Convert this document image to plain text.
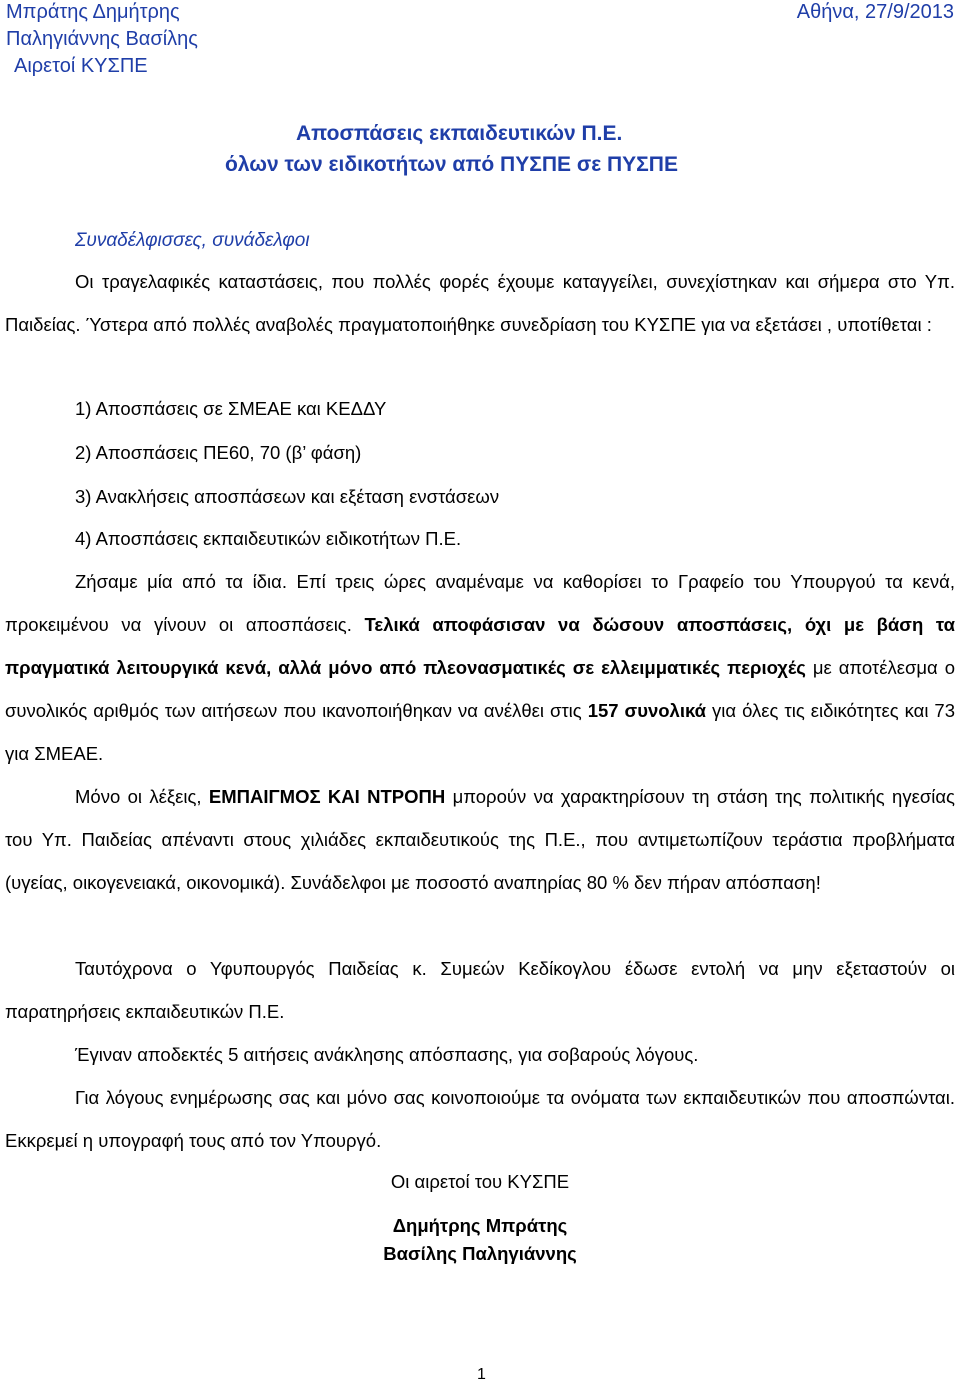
Μπράτης Δημήτρης
Παληγιάννης Βασίλης
Αιρετοί ΚΥΣΠΕ
Αθήνα, 27/9/2013
Αποσπάσεις εκπαιδευτικών Π.Ε.
όλων των ειδικοτήτων από ΠΥΣΠΕ σε ΠΥΣΠΕ
Συναδέλφισσες, συνάδελφοι
Οι τραγελαφικές καταστάσεις, που πολλές φορές έχουμε καταγγείλει, συνεχίστηκαν και σήμερα στο Υπ. Παιδείας. Ύστερα από πολλές αναβολές πραγματοποιήθηκε συνεδρίαση του ΚΥΣΠΕ για να εξετάσει , υποτίθεται :
1) Αποσπάσεις σε ΣΜΕΑΕ και ΚΕΔΔΥ
2) Αποσπάσεις ΠΕ60, 70 (β’ φάση)
3) Ανακλήσεις αποσπάσεων και εξέταση ενστάσεων
4) Αποσπάσεις εκπαιδευτικών ειδικοτήτων Π.Ε.
Ζήσαμε μία από τα ίδια. Επί τρεις ώρες αναμέναμε να καθορίσει το Γραφείο του Υπουργού τα κενά, προκειμένου να γίνουν οι αποσπάσεις. Τελικά αποφάσισαν να δώσουν αποσπάσεις, όχι με βάση τα πραγματικά λειτουργικά κενά, αλλά μόνο από πλεονασματικές σε ελλειμματικές περιοχές με αποτέλεσμα ο συνολικός αριθμός των αιτήσεων που ικανοποιήθηκαν να ανέλθει στις 157 συνολικά για όλες τις ειδικότητες και 73 για ΣΜΕΑΕ.
Μόνο οι λέξεις, ΕΜΠΑΙΓΜΟΣ ΚΑΙ ΝΤΡΟΠΗ μπορούν να χαρακτηρίσουν τη στάση της πολιτικής ηγεσίας του Υπ. Παιδείας απέναντι στους χιλιάδες εκπαιδευτικούς της Π.Ε., που αντιμετωπίζουν τεράστια προβλήματα (υγείας, οικογενειακά, οικονομικά). Συνάδελφοι με ποσοστό αναπηρίας 80 % δεν πήραν απόσπαση!
Ταυτόχρονα ο Υφυπουργός Παιδείας κ. Συμεών Κεδίκογλου έδωσε εντολή να μην εξεταστούν οι παρατηρήσεις εκπαιδευτικών Π.Ε.
Έγιναν αποδεκτές 5 αιτήσεις ανάκλησης απόσπασης, για σοβαρούς λόγους.
Για λόγους ενημέρωσης σας και μόνο σας κοινοποιούμε τα ονόματα των εκπαιδευτικών που αποσπώνται. Εκκρεμεί η υπογραφή τους από τον Υπουργό.
Οι αιρετοί του ΚΥΣΠΕ
Δημήτρης Μπράτης
Βασίλης Παληγιάννης
1
